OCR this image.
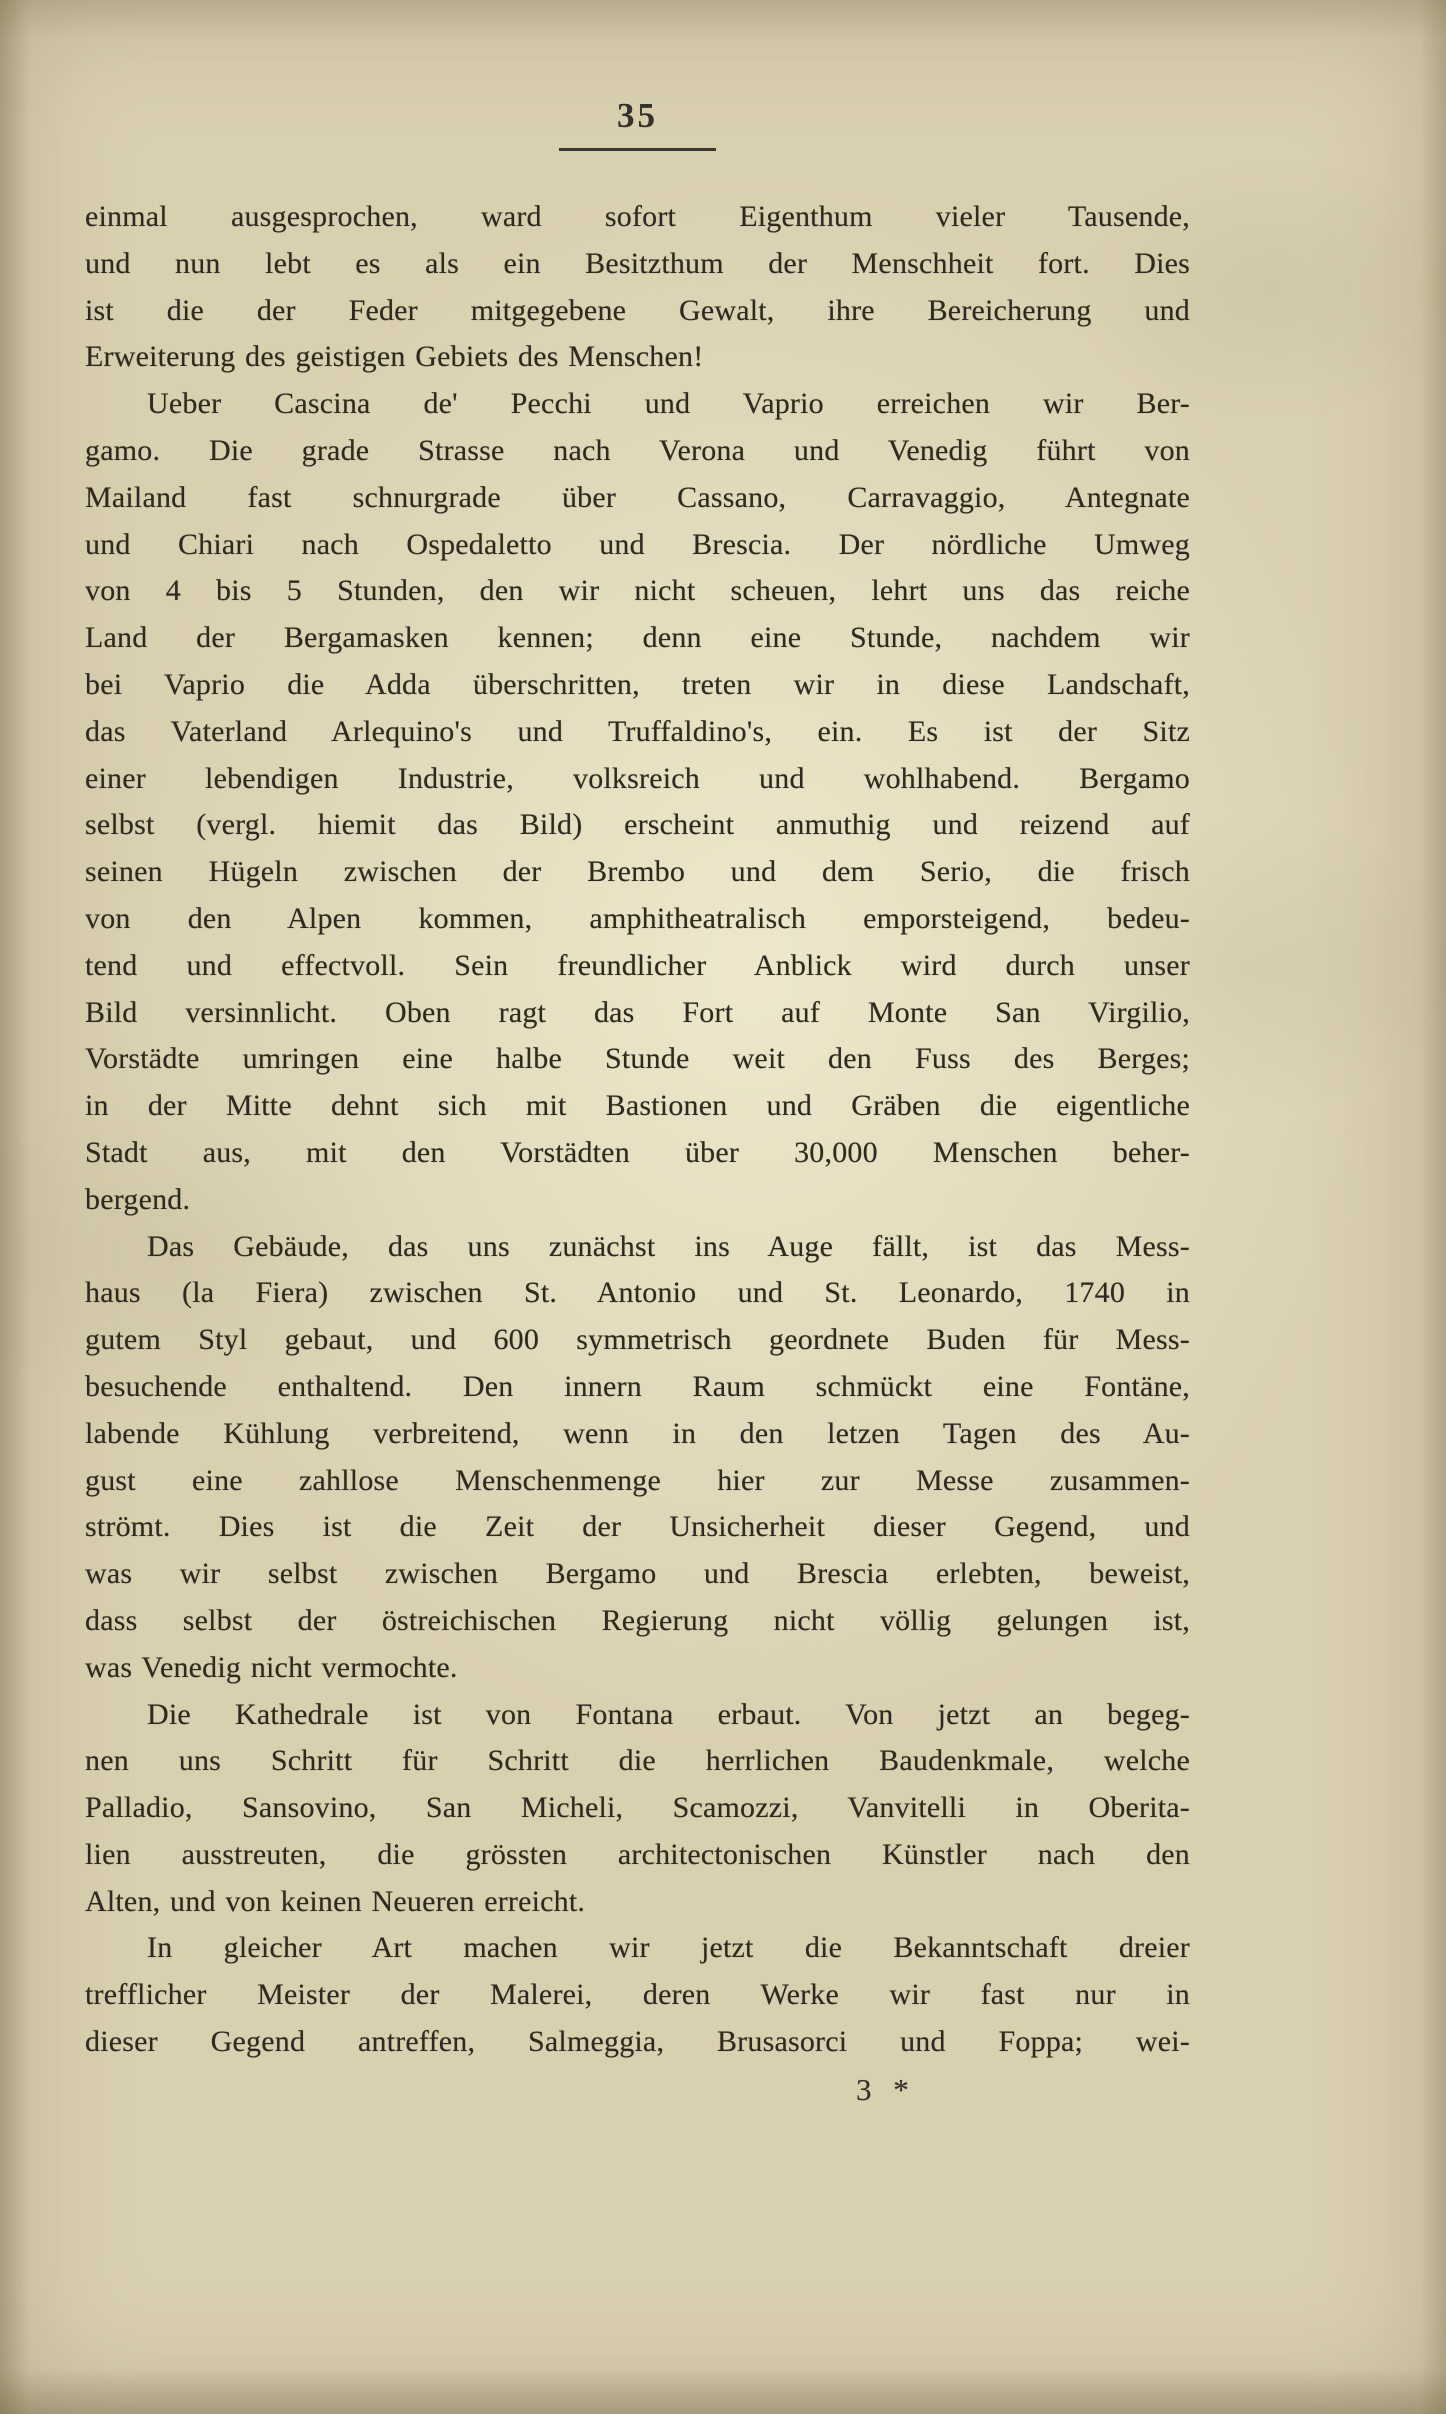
35
einmal ausgesprochen, ward sofort Eigenthum vieler Tausende,
und nun lebt es als ein Besitzthum der Menschheit fort. Dies
ist die der Feder mitgegebene Gewalt, ihre Bereicherung und
Erweiterung des geistigen Gebiets des Menschen!
Ueber Cascina de' Pecchi und Vaprio erreichen wir Ber-
gamo. Die grade Strasse nach Verona und Venedig führt von
Mailand fast schnurgrade über Cassano, Carravaggio, Antegnate
und Chiari nach Ospedaletto und Brescia. Der nördliche Umweg
von 4 bis 5 Stunden, den wir nicht scheuen, lehrt uns das reiche
Land der Bergamasken kennen; denn eine Stunde, nachdem wir
bei Vaprio die Adda überschritten, treten wir in diese Landschaft,
das Vaterland Arlequino's und Truffaldino's, ein. Es ist der Sitz
einer lebendigen Industrie, volksreich und wohlhabend. Bergamo
selbst (vergl. hiemit das Bild) erscheint anmuthig und reizend auf
seinen Hügeln zwischen der Brembo und dem Serio, die frisch
von den Alpen kommen, amphitheatralisch emporsteigend, bedeu-
tend und effectvoll. Sein freundlicher Anblick wird durch unser
Bild versinnlicht. Oben ragt das Fort auf Monte San Virgilio,
Vorstädte umringen eine halbe Stunde weit den Fuss des Berges;
in der Mitte dehnt sich mit Bastionen und Gräben die eigentliche
Stadt aus, mit den Vorstädten über 30,000 Menschen beher-
bergend.
Das Gebäude, das uns zunächst ins Auge fällt, ist das Mess-
haus (la Fiera) zwischen St. Antonio und St. Leonardo, 1740 in
gutem Styl gebaut, und 600 symmetrisch geordnete Buden für Mess-
besuchende enthaltend. Den innern Raum schmückt eine Fontäne,
labende Kühlung verbreitend, wenn in den letzen Tagen des Au-
gust eine zahllose Menschenmenge hier zur Messe zusammen-
strömt. Dies ist die Zeit der Unsicherheit dieser Gegend, und
was wir selbst zwischen Bergamo und Brescia erlebten, beweist,
dass selbst der östreichischen Regierung nicht völlig gelungen ist,
was Venedig nicht vermochte.
Die Kathedrale ist von Fontana erbaut. Von jetzt an begeg-
nen uns Schritt für Schritt die herrlichen Baudenkmale, welche
Palladio, Sansovino, San Micheli, Scamozzi, Vanvitelli in Oberita-
lien ausstreuten, die grössten architectonischen Künstler nach den
Alten, und von keinen Neueren erreicht.
In gleicher Art machen wir jetzt die Bekanntschaft dreier
trefflicher Meister der Malerei, deren Werke wir fast nur in
dieser Gegend antreffen, Salmeggia, Brusasorci und Foppa; wei-
3 *
